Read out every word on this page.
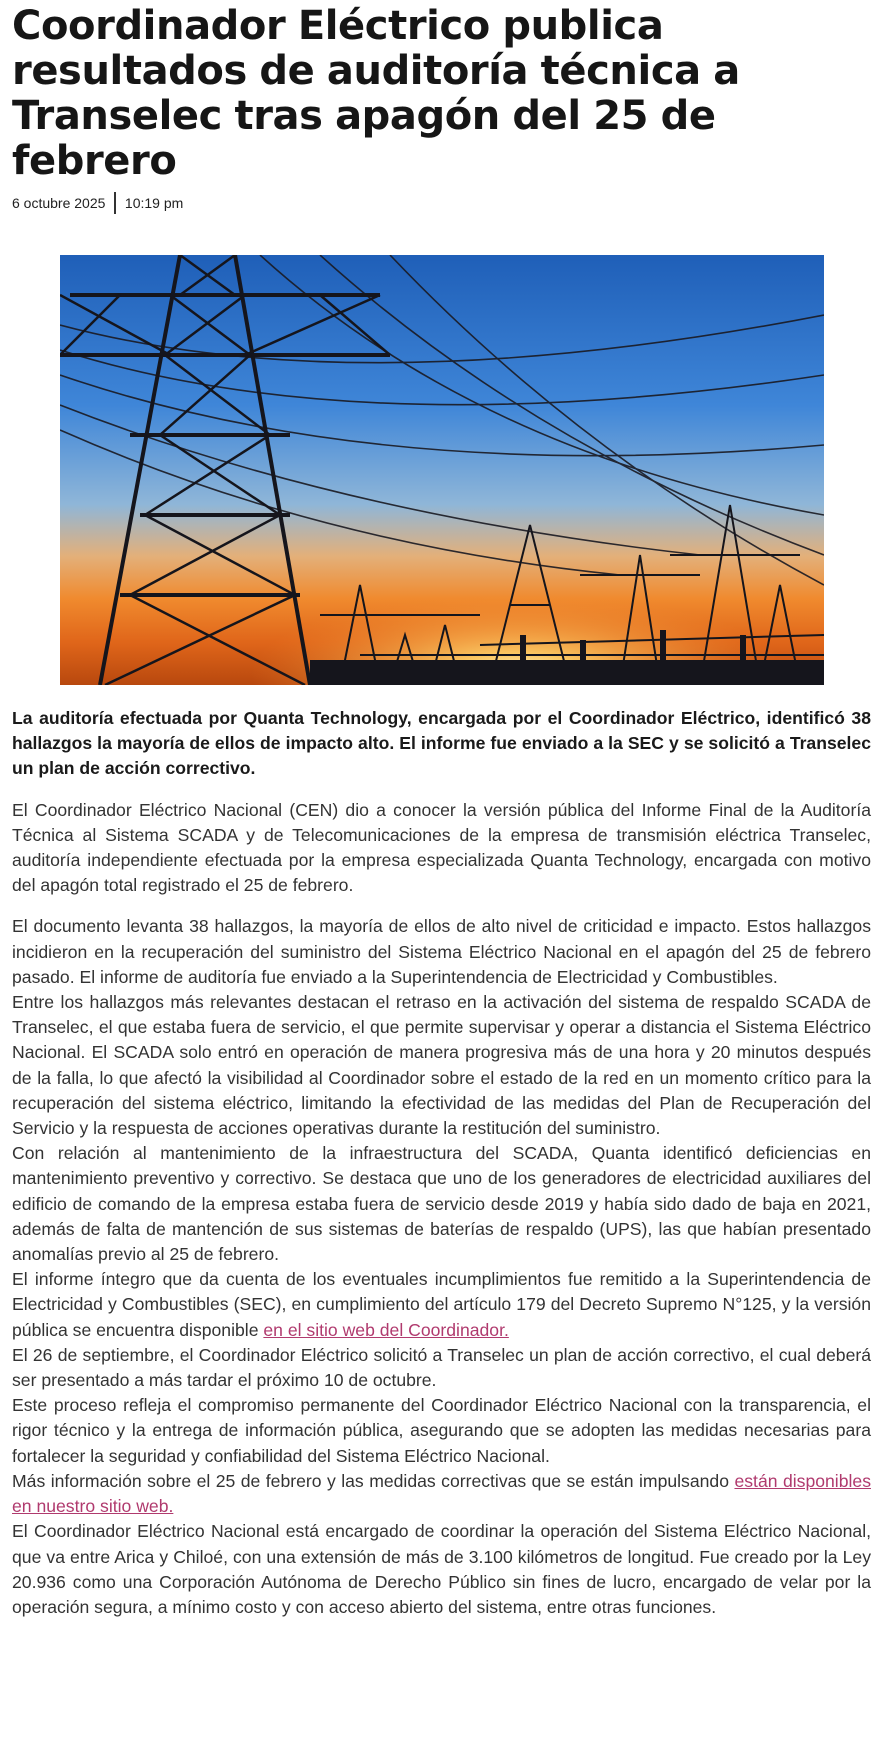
Coordinador Eléctrico publica resultados de auditoría técnica a Transelec tras apagón del 25 de febrero
6 octubre 2025 10:19 pm

La auditoría efectuada por Quanta Technology, encargada por el Coordinador Eléctrico, identificó 38 hallazgos la mayoría de ellos de impacto alto. El informe fue enviado a la SEC y se solicitó a Transelec un plan de acción correctivo.

El Coordinador Eléctrico Nacional (CEN) dio a conocer la versión pública del Informe Final de la Auditoría Técnica al Sistema SCADA y de Telecomunicaciones de la empresa de transmisión eléctrica Transelec, auditoría independiente efectuada por la empresa especializada Quanta Technology, encargada con motivo del apagón total registrado el 25 de febrero.

El documento levanta 38 hallazgos, la mayoría de ellos de alto nivel de criticidad e impacto. Estos hallazgos incidieron en la recuperación del suministro del Sistema Eléctrico Nacional en el apagón del 25 de febrero pasado. El informe de auditoría fue enviado a la Superintendencia de Electricidad y Combustibles.

Entre los hallazgos más relevantes destacan el retraso en la activación del sistema de respaldo SCADA de Transelec, el que estaba fuera de servicio, el que permite supervisar y operar a distancia el Sistema Eléctrico Nacional. El SCADA solo entró en operación de manera progresiva más de una hora y 20 minutos después de la falla, lo que afectó la visibilidad al Coordinador sobre el estado de la red en un momento crítico para la recuperación del sistema eléctrico, limitando la efectividad de las medidas del Plan de Recuperación del Servicio y la respuesta de acciones operativas durante la restitución del suministro.

Con relación al mantenimiento de la infraestructura del SCADA, Quanta identificó deficiencias en mantenimiento preventivo y correctivo. Se destaca que uno de los generadores de electricidad auxiliares del edificio de comando de la empresa estaba fuera de servicio desde 2019 y había sido dado de baja en 2021, además de falta de mantención de sus sistemas de baterías de respaldo (UPS), las que habían presentado anomalías previo al 25 de febrero.

El informe íntegro que da cuenta de los eventuales incumplimientos fue remitido a la Superintendencia de Electricidad y Combustibles (SEC), en cumplimiento del artículo 179 del Decreto Supremo N°125, y la versión pública se encuentra disponible en el sitio web del Coordinador.

El 26 de septiembre, el Coordinador Eléctrico solicitó a Transelec un plan de acción correctivo, el cual deberá ser presentado a más tardar el próximo 10 de octubre.

Este proceso refleja el compromiso permanente del Coordinador Eléctrico Nacional con la transparencia, el rigor técnico y la entrega de información pública, asegurando que se adopten las medidas necesarias para fortalecer la seguridad y confiabilidad del Sistema Eléctrico Nacional.

Más información sobre el 25 de febrero y las medidas correctivas que se están impulsando están disponibles en nuestro sitio web.

El Coordinador Eléctrico Nacional está encargado de coordinar la operación del Sistema Eléctrico Nacional, que va entre Arica y Chiloé, con una extensión de más de 3.100 kilómetros de longitud. Fue creado por la Ley 20.936 como una Corporación Autónoma de Derecho Público sin fines de lucro, encargado de velar por la operación segura, a mínimo costo y con acceso abierto del sistema, entre otras funciones.
